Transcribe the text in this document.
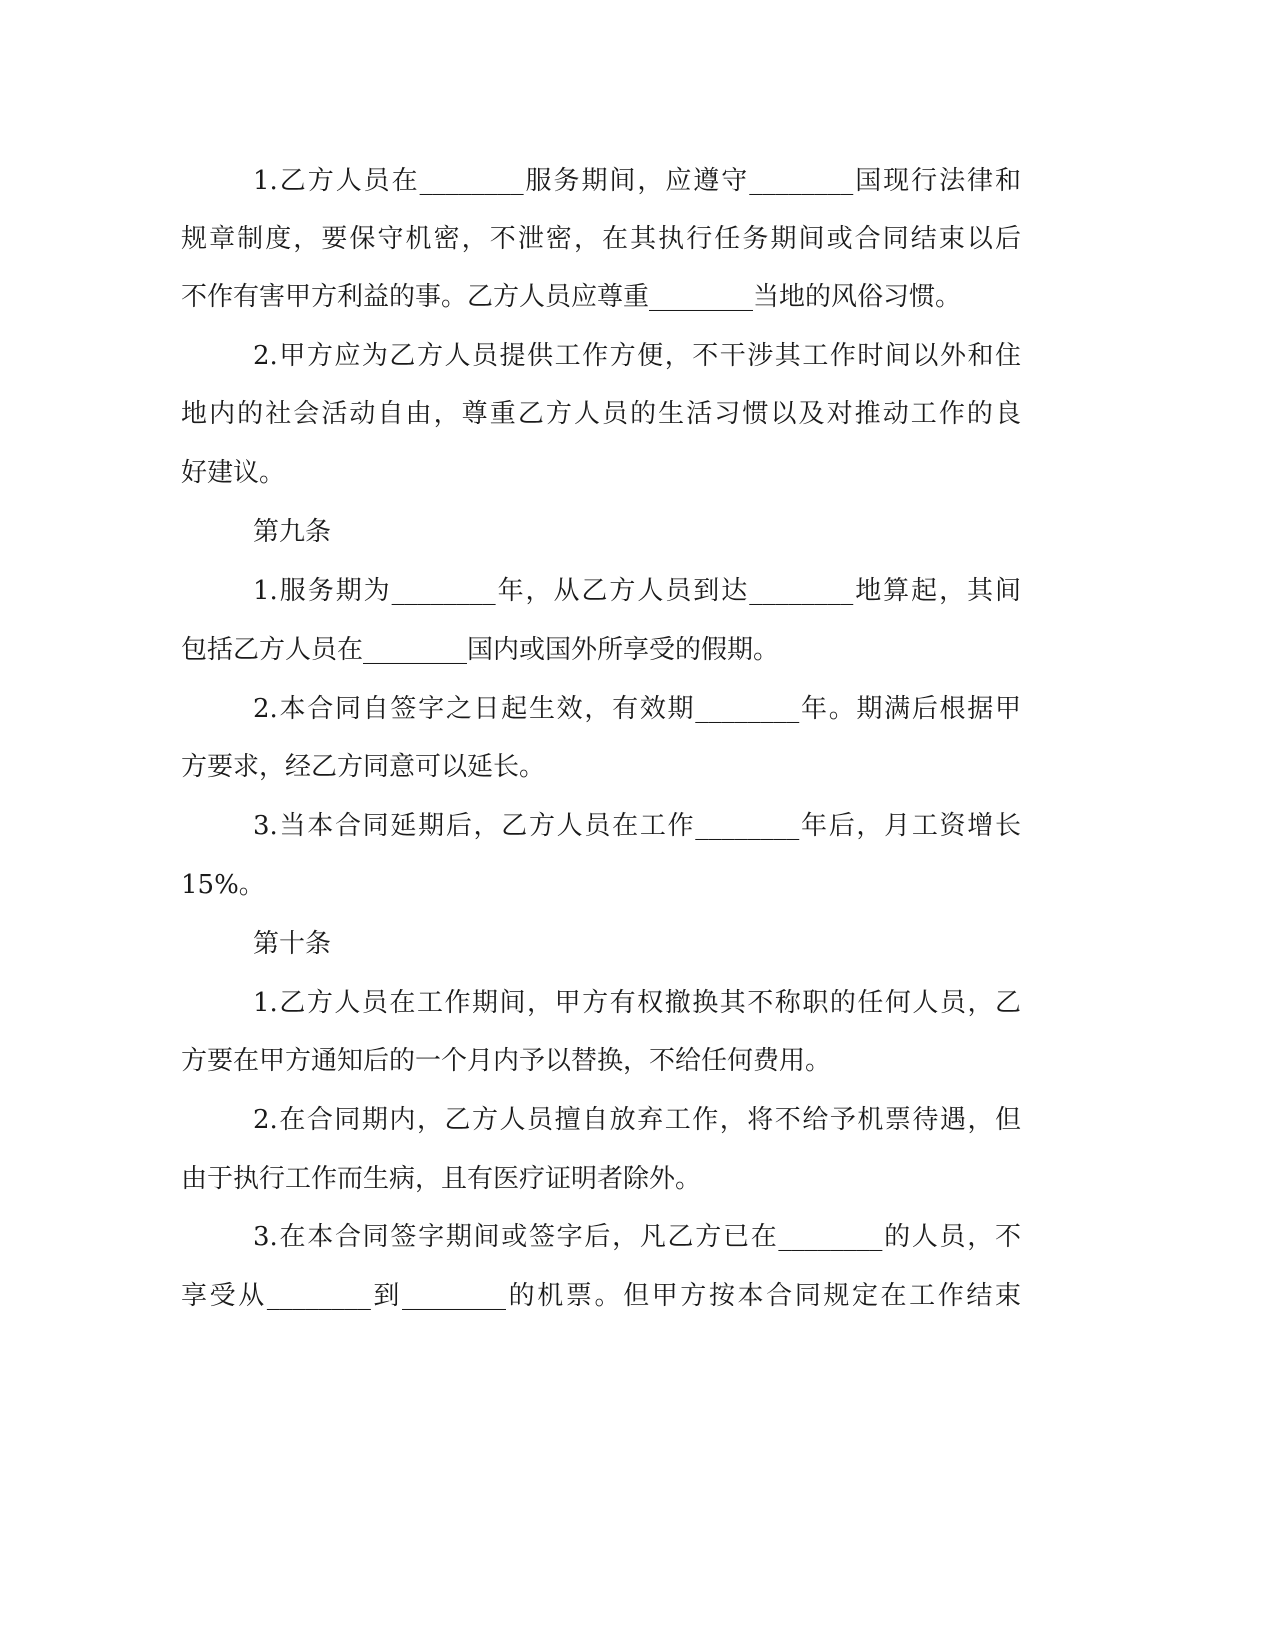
1.乙方人员在________服务期间，应遵守________国现行法律和
规章制度，要保守机密，不泄密，在其执行任务期间或合同结束以后
不作有害甲方利益的事。乙方人员应尊重________当地的风俗习惯。
2.甲方应为乙方人员提供工作方便，不干涉其工作时间以外和住
地内的社会活动自由，尊重乙方人员的生活习惯以及对推动工作的良
好建议。
第九条
1.服务期为________年，从乙方人员到达________地算起，其间
包括乙方人员在________国内或国外所享受的假期。
2.本合同自签字之日起生效，有效期________年。期满后根据甲
方要求，经乙方同意可以延长。
3.当本合同延期后，乙方人员在工作________年后，月工资增长
15%。
第十条
1.乙方人员在工作期间，甲方有权撤换其不称职的任何人员，乙
方要在甲方通知后的一个月内予以替换，不给任何费用。
2.在合同期内，乙方人员擅自放弃工作，将不给予机票待遇，但
由于执行工作而生病，且有医疗证明者除外。
3.在本合同签字期间或签字后，凡乙方已在________的人员，不
享受从________到________的机票。但甲方按本合同规定在工作结束
